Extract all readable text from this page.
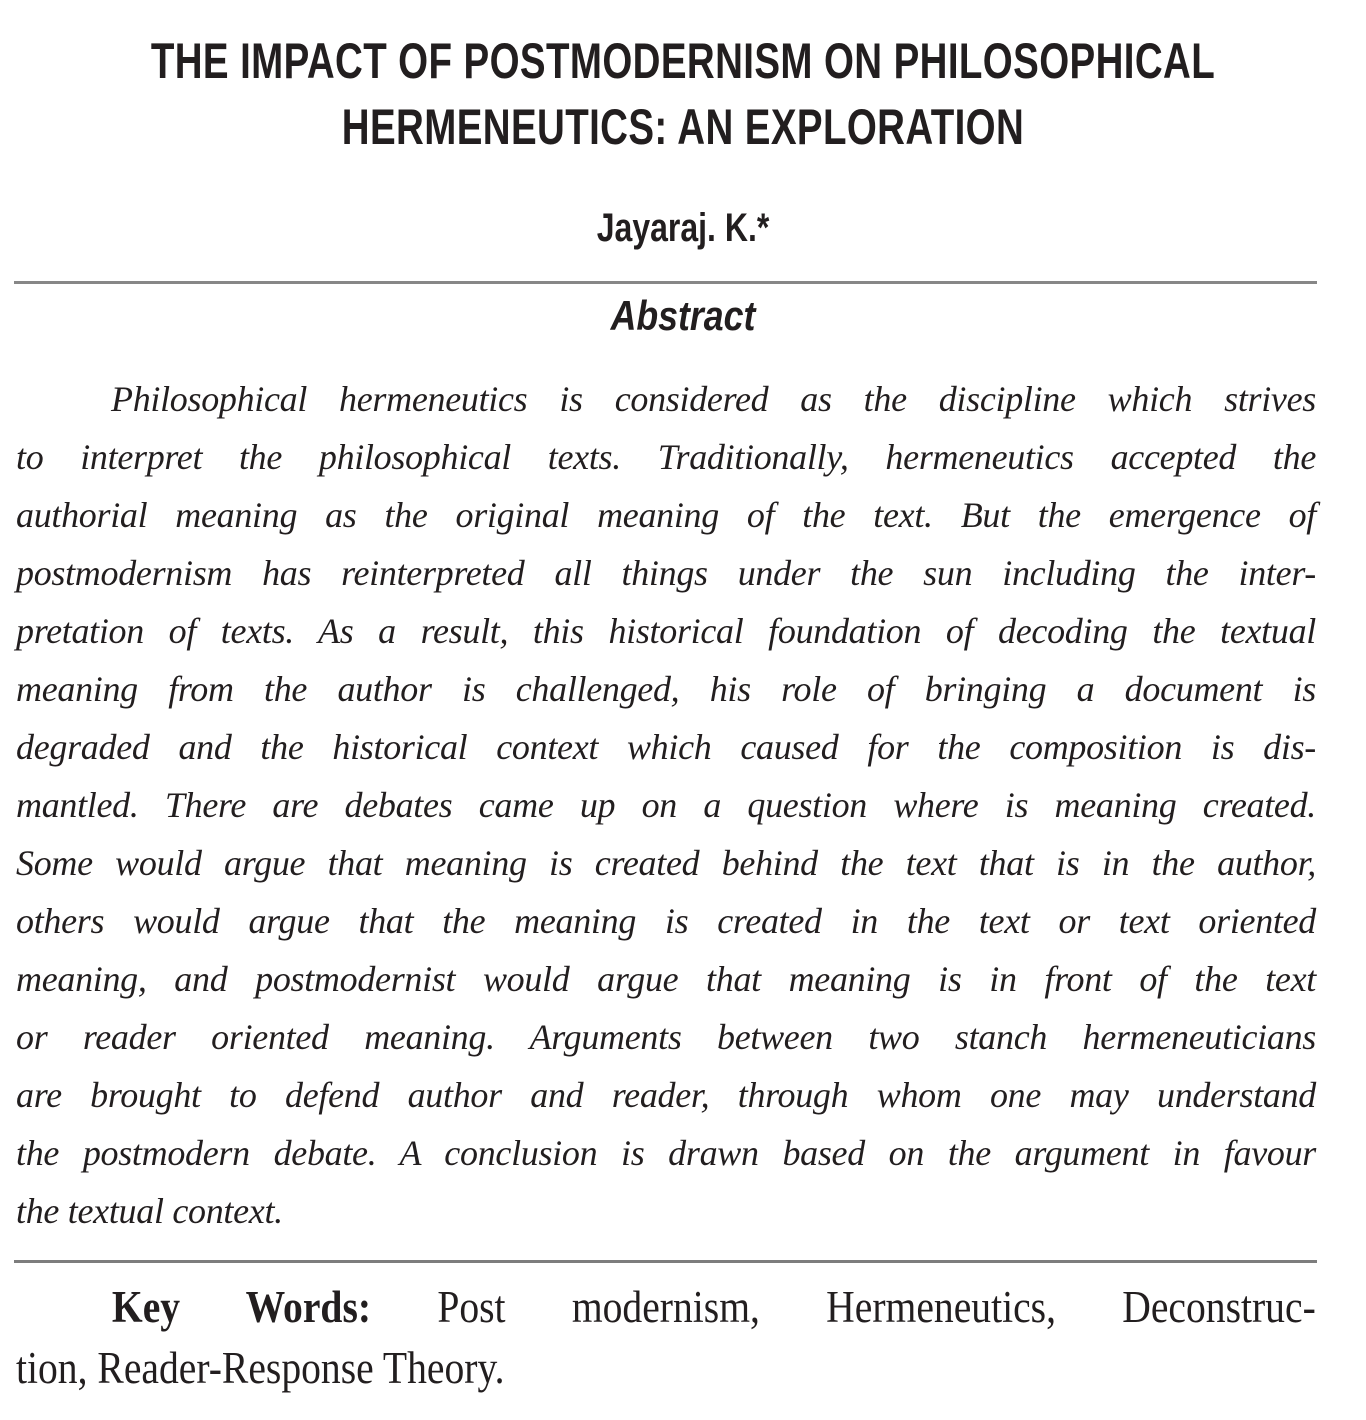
THE IMPACT OF POSTMODERNISM ON PHILOSOPHICAL
HERMENEUTICS: AN EXPLORATION
Jayaraj. K.*
Abstract
Philosophical hermeneutics is considered as the discipline which strives
to interpret the philosophical texts. Traditionally, hermeneutics accepted the
authorial meaning as the original meaning of the text. But the emergence of
postmodernism has reinterpreted all things under the sun including the inter-
pretation of texts. As a result, this historical foundation of decoding the textual
meaning from the author is challenged, his role of bringing a document is
degraded and the historical context which caused for the composition is dis-
mantled. There are debates came up on a question where is meaning created.
Some would argue that meaning is created behind the text that is in the author,
others would argue that the meaning is created in the text or text oriented
meaning, and postmodernist would argue that meaning is in front of the text
or reader oriented meaning. Arguments between two stanch hermeneuticians
are brought to defend author and reader, through whom one may understand
the postmodern debate. A conclusion is drawn based on the argument in favour
the textual context.
Key Words: Post modernism, Hermeneutics, Deconstruc-
tion, Reader-Response Theory.
